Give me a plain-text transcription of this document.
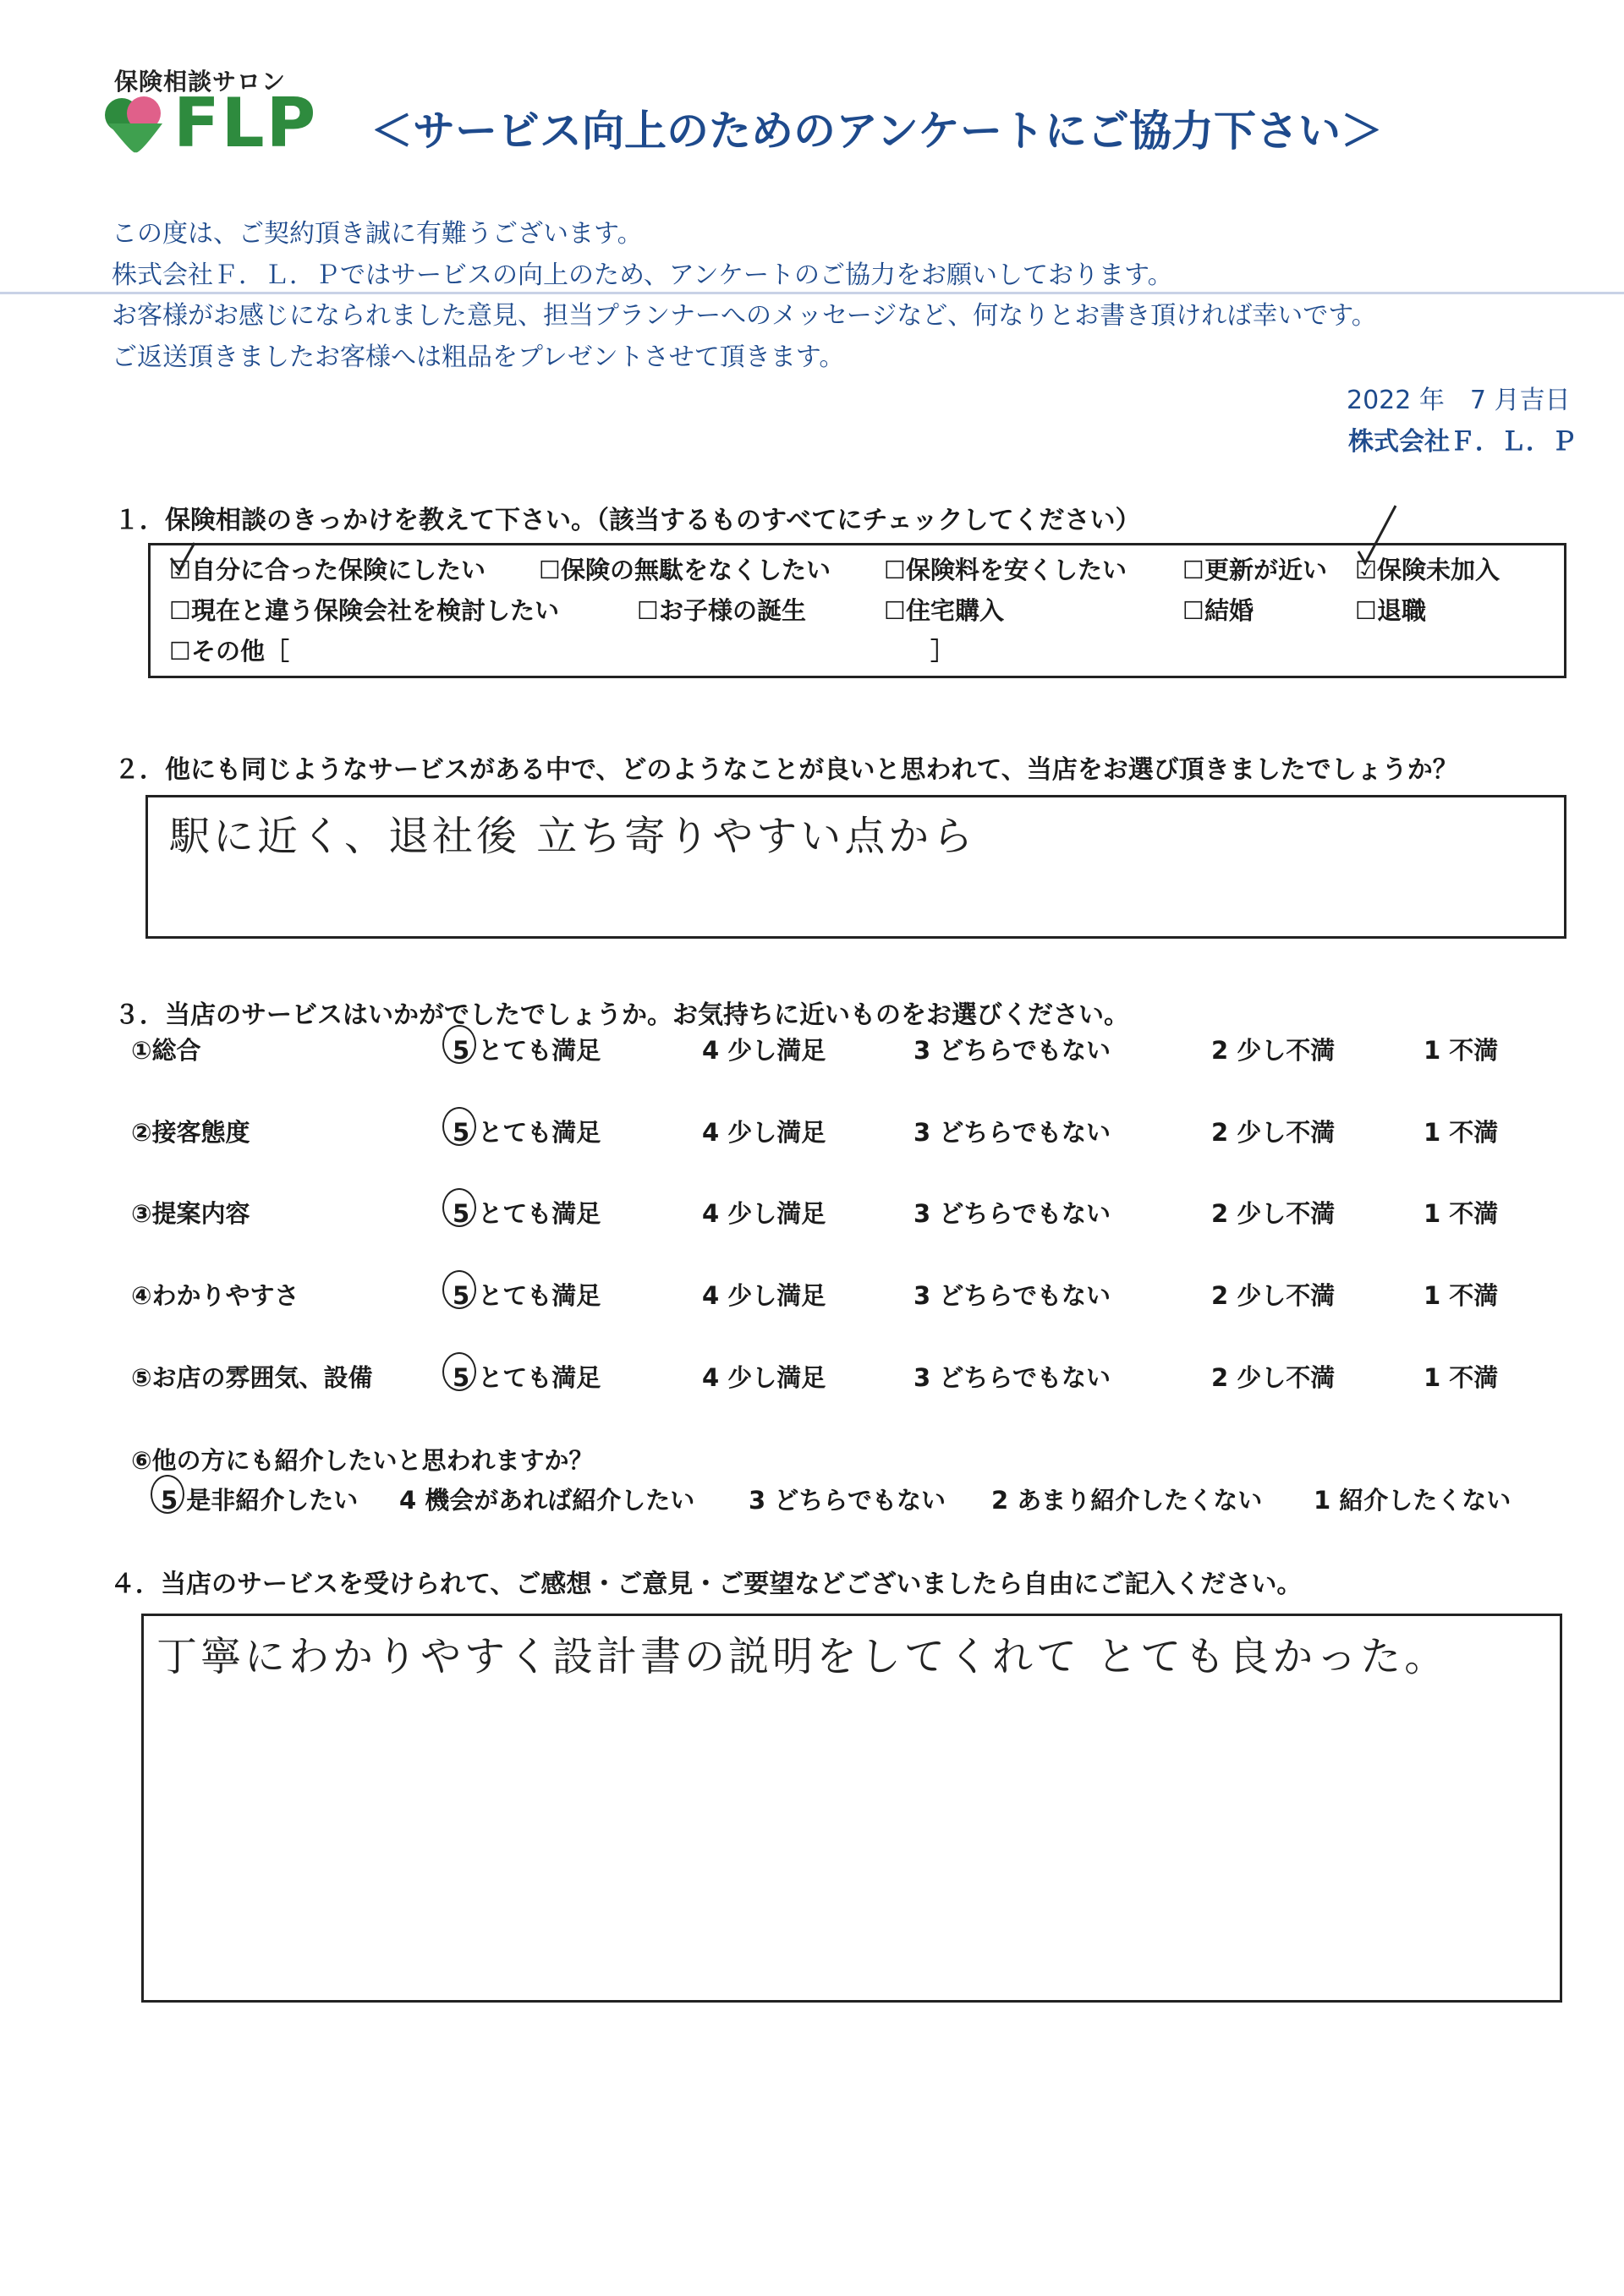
保険相談サロン
FLP ＜サービス向上のためのアンケートにご協力下さい＞
この度は、ご契約頂き誠に有難うございます。
株式会社Ｆ．Ｌ．Ｐではサービスの向上のため、アンケートのご協力をお願いしております。
お客様がお感じになられました意見、担当プランナーへのメッセージなど、何なりとお書き頂ければ幸いです。
ご返送頂きましたお客様へは粗品をプレゼントさせて頂きます。
2022 年　7 月吉日
株式会社Ｆ．Ｌ．Ｐ
１．保険相談のきっかけを教えて下さい。（該当するものすべてにチェックしてください）
☑自分に合った保険にしたい ☐保険の無駄をなくしたい ☐保険料を安くしたい ☐更新が近い ☑保険未加入
☐現在と違う保険会社を検討したい	☐お子様の誕生	☐住宅購入	☐結婚	☐退職
☐その他［	］
２．他にも同じようなサービスがある中で、どのようなことが良いと思われて、当店をお選び頂きましたでしょうか？
駅に近く、退社後 立ち寄りやすい点から
３．当店のサービスはいかがでしたでしょうか。お気持ちに近いものをお選びください。
①総合	5 とても満足	4 少し満足	3 どちらでもない	2 少し不満	1 不満
②接客態度	5 とても満足	4 少し満足	3 どちらでもない	2 少し不満	1 不満
③提案内容	5 とても満足	4 少し満足	3 どちらでもない	2 少し不満	1 不満
④わかりやすさ	5 とても満足	4 少し満足	3 どちらでもない	2 少し不満	1 不満
⑤お店の雰囲気、設備	5 とても満足	4 少し満足	3 どちらでもない	2 少し不満	1 不満
⑥他の方にも紹介したいと思われますか？
5 是非紹介したい 4 機会があれば紹介したい 3 どちらでもない 2 あまり紹介したくない 1 紹介したくない
４．当店のサービスを受けられて、ご感想・ご意見・ご要望などございましたら自由にご記入ください。
丁寧にわかりやすく設計書の説明をしてくれて とても良かった。
